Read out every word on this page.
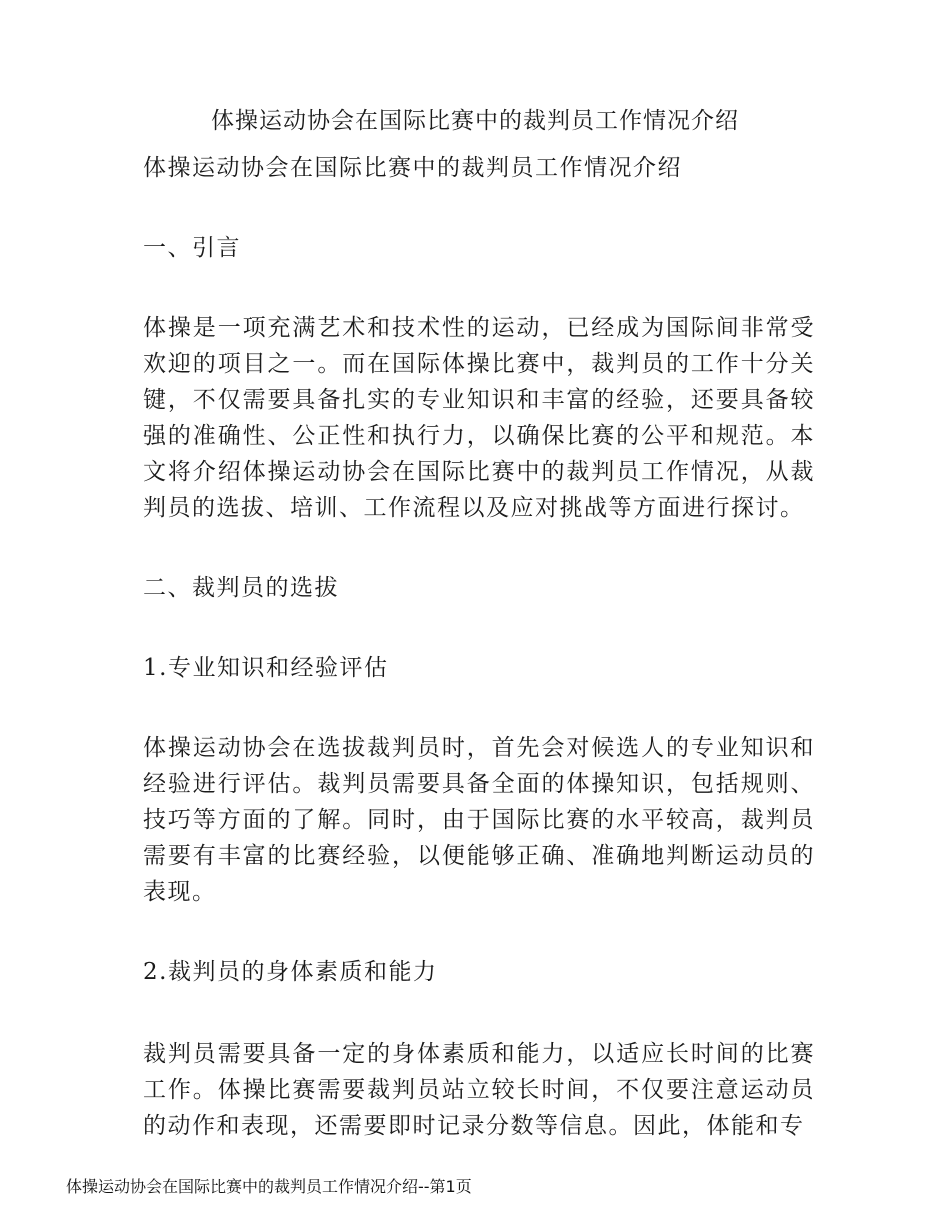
体操运动协会在国际比赛中的裁判员工作情况介绍

体操运动协会在国际比赛中的裁判员工作情况介绍

一、引言

体操是一项充满艺术和技术性的运动，已经成为国际间非常受欢迎的项目之一。而在国际体操比赛中，裁判员的工作十分关键，不仅需要具备扎实的专业知识和丰富的经验，还要具备较强的准确性、公正性和执行力，以确保比赛的公平和规范。本文将介绍体操运动协会在国际比赛中的裁判员工作情况，从裁判员的选拔、培训、工作流程以及应对挑战等方面进行探讨。

二、裁判员的选拔

1.专业知识和经验评估

体操运动协会在选拔裁判员时，首先会对候选人的专业知识和经验进行评估。裁判员需要具备全面的体操知识，包括规则、技巧等方面的了解。同时，由于国际比赛的水平较高，裁判员需要有丰富的比赛经验，以便能够正确、准确地判断运动员的表现。

2.裁判员的身体素质和能力

裁判员需要具备一定的身体素质和能力，以适应长时间的比赛工作。体操比赛需要裁判员站立较长时间，不仅要注意运动员的动作和表现，还需要即时记录分数等信息。因此，体能和专

体操运动协会在国际比赛中的裁判员工作情况介绍--第1页
